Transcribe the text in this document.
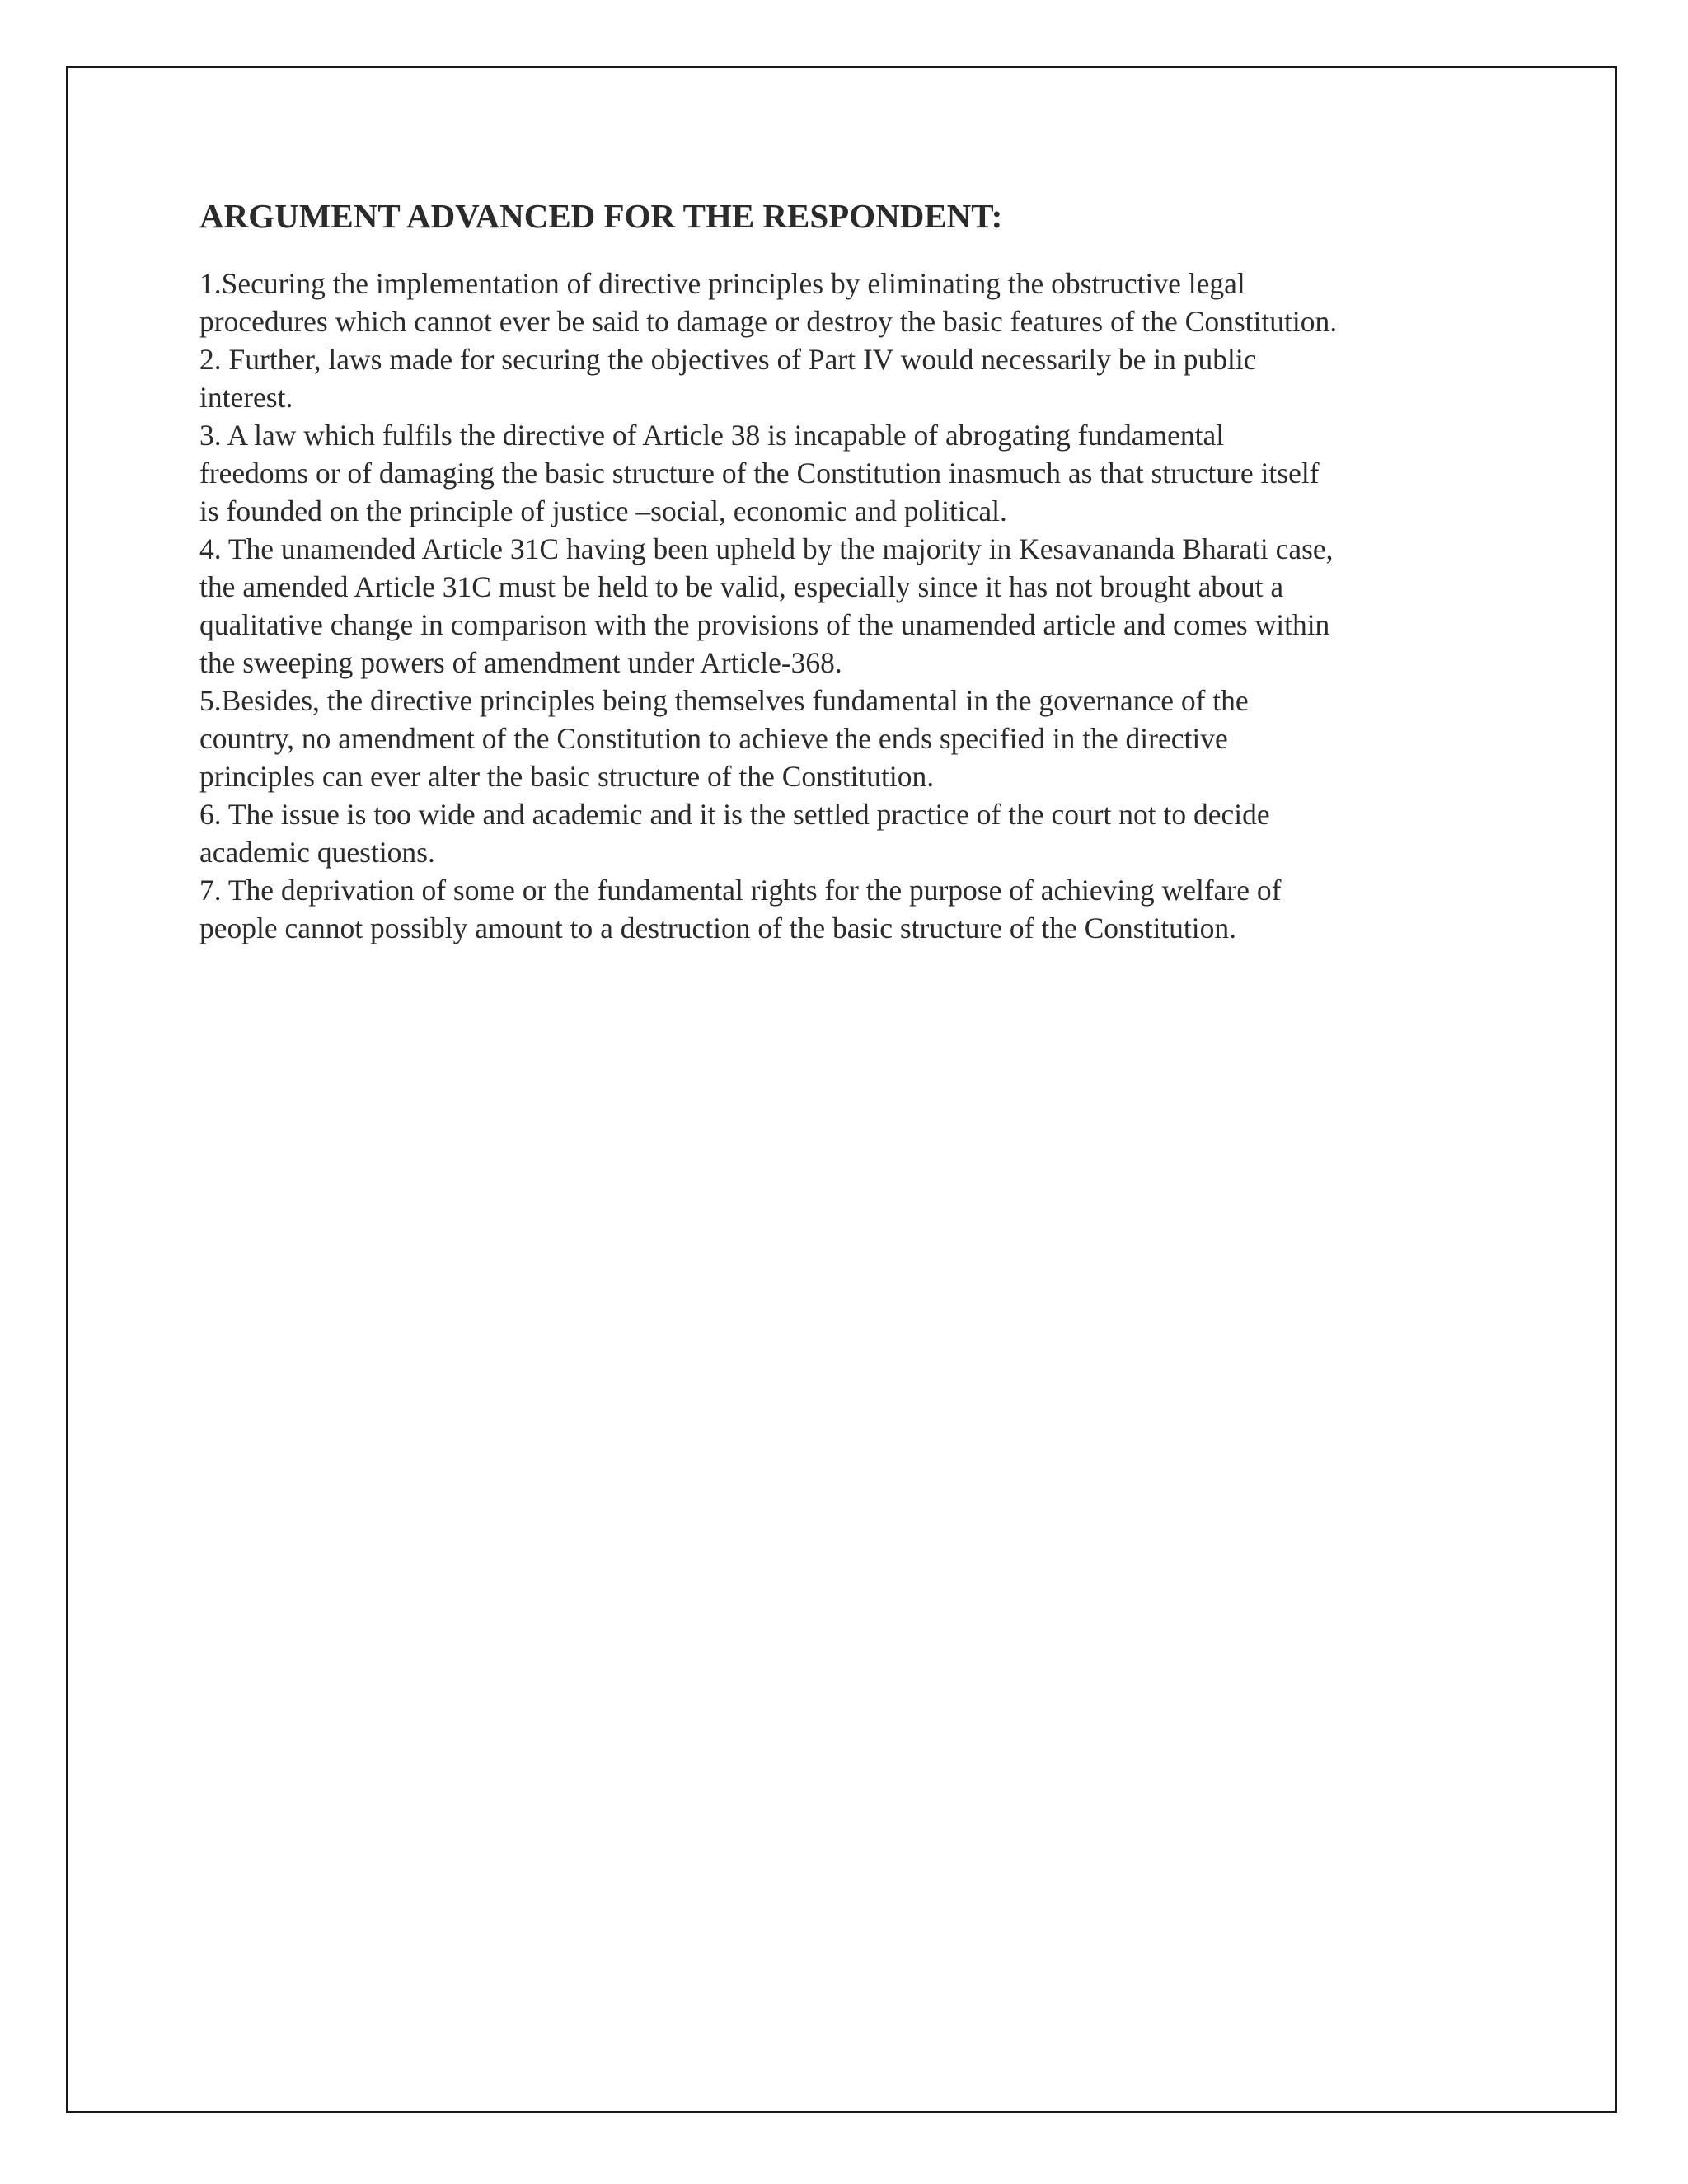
ARGUMENT ADVANCED FOR THE RESPONDENT:

1.Securing the implementation of directive principles by eliminating the obstructive legal
procedures which cannot ever be said to damage or destroy the basic features of the Constitution.

2. Further, laws made for securing the objectives of Part IV would necessarily be in public
interest.

3. A law which fulfils the directive of Article 38 is incapable of abrogating fundamental
freedoms or of damaging the basic structure of the Constitution inasmuch as that structure itself
is founded on the principle of justice –social, economic and political.

4. The unamended Article 31C having been upheld by the majority in Kesavananda Bharati case,
the amended Article 31C must be held to be valid, especially since it has not brought about a
qualitative change in comparison with the provisions of the unamended article and comes within
the sweeping powers of amendment under Article-368.

5.Besides, the directive principles being themselves fundamental in the governance of the
country, no amendment of the Constitution to achieve the ends specified in the directive
principles can ever alter the basic structure of the Constitution.

6. The issue is too wide and academic and it is the settled practice of the court not to decide
academic questions.

7. The deprivation of some or the fundamental rights for the purpose of achieving welfare of
people cannot possibly amount to a destruction of the basic structure of the Constitution.
